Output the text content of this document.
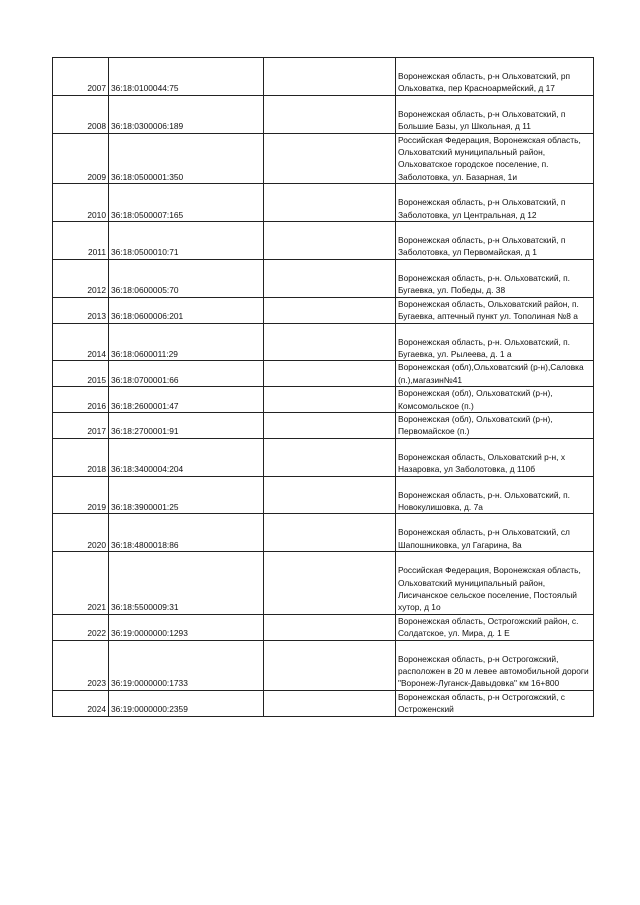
2007	36:18:0100044:75		Воронежская область, р-н Ольховатский, рп Ольховатка, пер Красноармейский, д 17
2008	36:18:0300006:189		Воронежская область, р-н Ольховатский, п Большие Базы, ул Школьная, д 11
2009	36:18:0500001:350		Российская Федерация, Воронежская область, Ольховатский муниципальный район, Ольховатское городское поселение, п. Заболотовка, ул. Базарная, 1и
2010	36:18:0500007:165		Воронежская область, р-н Ольховатский, п Заболотовка, ул Центральная, д 12
2011	36:18:0500010:71		Воронежская область, р-н Ольховатский, п Заболотовка, ул Первомайская, д 1
2012	36:18:0600005:70		Воронежская область, р-н. Ольховатский, п. Бугаевка, ул. Победы, д. 38
2013	36:18:0600006:201		Воронежская область, Ольховатский район, п. Бугаевка, аптечный пункт ул. Тополиная №8 а
2014	36:18:0600011:29		Воронежская область, р-н. Ольховатский, п. Бугаевка, ул. Рылеева, д. 1 а
2015	36:18:0700001:66		Воронежская (обл),Ольховатский (р-н),Саловка (п.),магазин№41
2016	36:18:2600001:47		Воронежская (обл), Ольховатский (р-н), Комсомольское (п.)
2017	36:18:2700001:91		Воронежская (обл), Ольховатский (р-н), Первомайское (п.)
2018	36:18:3400004:204		Воронежская область, Ольховатский р-н, х Назаровка, ул Заболотовка, д 110б
2019	36:18:3900001:25		Воронежская область, р-н. Ольховатский, п. Новокулишовка, д. 7а
2020	36:18:4800018:86		Воронежская область, р-н Ольховатский, сл Шапошниковка, ул Гагарина, 8а
2021	36:18:5500009:31		Российская Федерация, Воронежская область, Ольховатский муниципальный район, Лисичанское сельское поселение, Постоялый хутор, д 1о
2022	36:19:0000000:1293		Воронежская область, Острогожский район, с. Солдатское, ул. Мира, д. 1 Е
2023	36:19:0000000:1733		Воронежская область, р-н Острогожский, расположен в 20 м левее автомобильной дороги "Воронеж-Луганск-Давыдовка" км 16+800
2024	36:19:0000000:2359		Воронежская область, р-н Острогожский, с Остроженский
